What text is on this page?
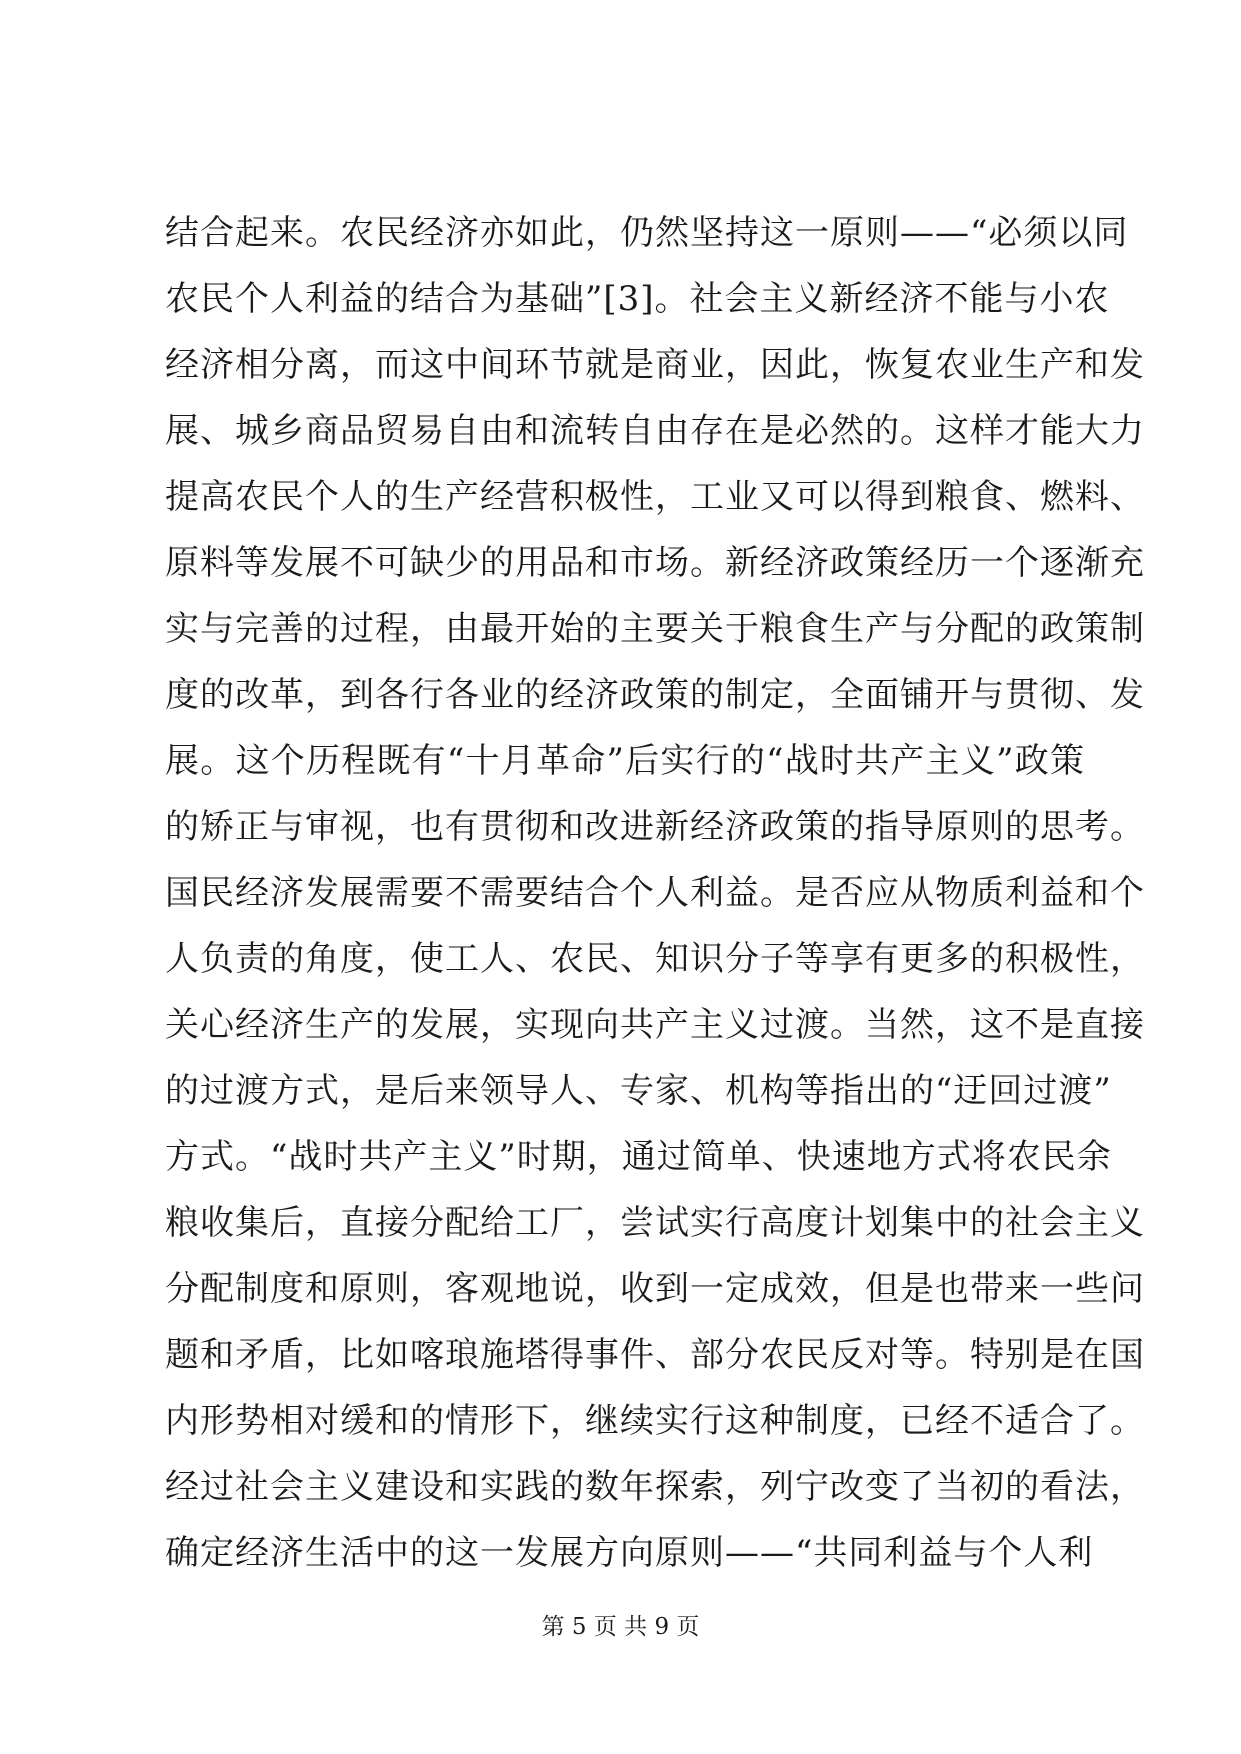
结合起来。农民经济亦如此，仍然坚持这一原则——“必须以同
农民个人利益的结合为基础”[3]。社会主义新经济不能与小农
经济相分离，而这中间环节就是商业，因此，恢复农业生产和发
展、城乡商品贸易自由和流转自由存在是必然的。这样才能大力
提高农民个人的生产经营积极性，工业又可以得到粮食、燃料、
原料等发展不可缺少的用品和市场。新经济政策经历一个逐渐充
实与完善的过程，由最开始的主要关于粮食生产与分配的政策制
度的改革，到各行各业的经济政策的制定，全面铺开与贯彻、发
展。这个历程既有“十月革命”后实行的“战时共产主义”政策
的矫正与审视，也有贯彻和改进新经济政策的指导原则的思考。
国民经济发展需要不需要结合个人利益。是否应从物质利益和个
人负责的角度，使工人、农民、知识分子等享有更多的积极性，
关心经济生产的发展，实现向共产主义过渡。当然，这不是直接
的过渡方式，是后来领导人、专家、机构等指出的“迂回过渡”
方式。“战时共产主义”时期，通过简单、快速地方式将农民余
粮收集后，直接分配给工厂，尝试实行高度计划集中的社会主义
分配制度和原则，客观地说，收到一定成效，但是也带来一些问
题和矛盾，比如喀琅施塔得事件、部分农民反对等。特别是在国
内形势相对缓和的情形下，继续实行这种制度，已经不适合了。
经过社会主义建设和实践的数年探索，列宁改变了当初的看法，
确定经济生活中的这一发展方向原则——“共同利益与个人利
第 5 页 共 9 页
